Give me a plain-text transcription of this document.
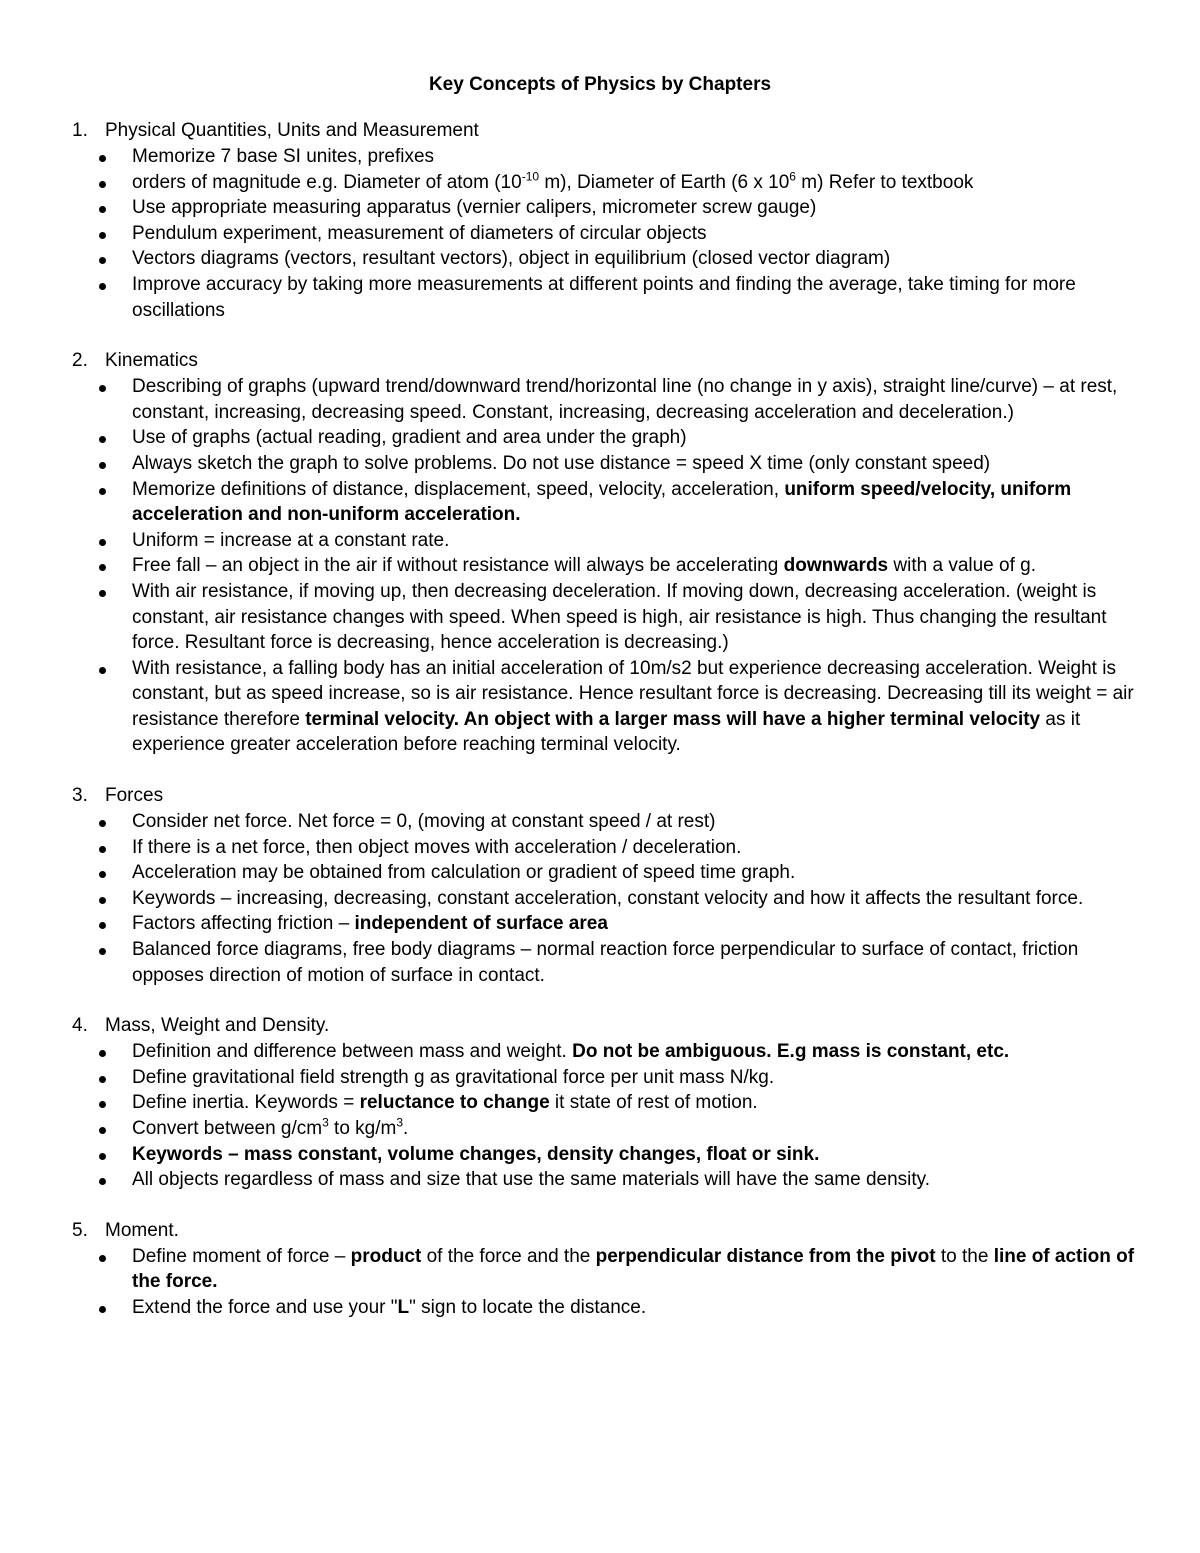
Key Concepts of Physics by Chapters
1. Physical Quantities, Units and Measurement
Memorize 7 base SI unites, prefixes
orders of magnitude e.g. Diameter of atom ($10^{-10}$ m), Diameter of Earth (6 x $10^6$ m) Refer to textbook
Use appropriate measuring apparatus (vernier calipers, micrometer screw gauge)
Pendulum experiment, measurement of diameters of circular objects
Vectors diagrams (vectors, resultant vectors), object in equilibrium (closed vector diagram)
Improve accuracy by taking more measurements at different points and finding the average, take timing for more oscillations
2. Kinematics
Describing of graphs (upward trend/downward trend/horizontal line (no change in y axis), straight line/curve) – at rest, constant, increasing, decreasing speed. Constant, increasing, decreasing acceleration and deceleration.)
Use of graphs (actual reading, gradient and area under the graph)
Always sketch the graph to solve problems. Do not use distance = speed X time (only constant speed)
Memorize definitions of distance, displacement, speed, velocity, acceleration, uniform speed/velocity, uniform acceleration and non-uniform acceleration.
Uniform = increase at a constant rate.
Free fall – an object in the air if without resistance will always be accelerating downwards with a value of g.
With air resistance, if moving up, then decreasing deceleration. If moving down, decreasing acceleration. (weight is constant, air resistance changes with speed. When speed is high, air resistance is high. Thus changing the resultant force. Resultant force is decreasing, hence acceleration is decreasing.)
With resistance, a falling body has an initial acceleration of 10m/s2 but experience decreasing acceleration. Weight is constant, but as speed increase, so is air resistance. Hence resultant force is decreasing. Decreasing till its weight = air resistance therefore terminal velocity. An object with a larger mass will have a higher terminal velocity as it experience greater acceleration before reaching terminal velocity.
3. Forces
Consider net force. Net force = 0, (moving at constant speed / at rest)
If there is a net force, then object moves with acceleration / deceleration.
Acceleration may be obtained from calculation or gradient of speed time graph.
Keywords – increasing, decreasing, constant acceleration, constant velocity and how it affects the resultant force.
Factors affecting friction – independent of surface area
Balanced force diagrams, free body diagrams – normal reaction force perpendicular to surface of contact, friction opposes direction of motion of surface in contact.
4. Mass, Weight and Density.
Definition and difference between mass and weight. Do not be ambiguous. E.g mass is constant, etc.
Define gravitational field strength g as gravitational force per unit mass N/kg.
Define inertia. Keywords = reluctance to change it state of rest of motion.
Convert between $g/cm^3$ to $kg/m^3$.
Keywords – mass constant, volume changes, density changes, float or sink.
All objects regardless of mass and size that use the same materials will have the same density.
5. Moment.
Define moment of force – product of the force and the perpendicular distance from the pivot to the line of action of the force.
Extend the force and use your "L" sign to locate the distance.
